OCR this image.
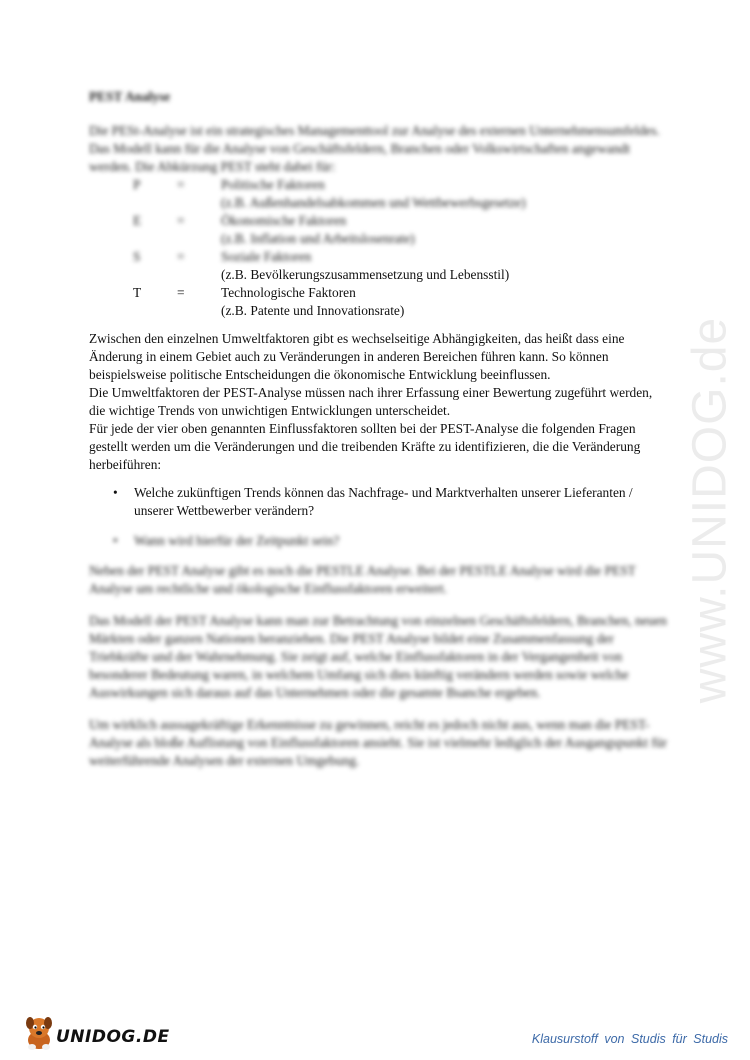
www.UNIDOG.de

PEST Analyse

Die PESt-Analyse ist ein strategisches Managementtool zur Analyse des externen Unternehmensumfeldes. Das Modell kann für die Analyse von Geschäftsfeldern, Branchen oder Volkswirtschaften angewandt werden. Die Abkürzung PEST steht dabei für:

P	=	Politische Faktoren
(z.B. Außenhandelsabkommen und Wettbewerbsgesetze)
E	=	Ökonomische Faktoren
(z.B. Inflation und Arbeitslosenrate)
S	=	Soziale Faktoren
(z.B. Bevölkerungszusammensetzung und Lebensstil)
T	=	Technologische Faktoren
(z.B. Patente und Innovationsrate)

Zwischen den einzelnen Umweltfaktoren gibt es wechselseitige Abhängigkeiten, das heißt dass eine Änderung in einem Gebiet auch zu Veränderungen in anderen Bereichen führen kann. So können beispielsweise politische Entscheidungen die ökonomische Entwicklung beeinflussen.

Die Umweltfaktoren der PEST-Analyse müssen nach ihrer Erfassung einer Bewertung zugeführt werden, die wichtige Trends von unwichtigen Entwicklungen unterscheidet.

Für jede der vier oben genannten Einflussfaktoren sollten bei der PEST-Analyse die folgenden Fragen gestellt werden um die Veränderungen und die treibenden Kräfte zu identifizieren, die die Veränderung herbeiführen:

• Welche zukünftigen Trends können das Nachfrage- und Marktverhalten unserer Lieferanten / unserer Wettbewerber verändern?
• Wann wird hierfür der Zeitpunkt sein?

Neben der PEST Analyse gibt es noch die PESTLE Analyse. Bei der PESTLE Analyse wird die PEST Analyse um rechtliche und ökologische Einflussfaktoren erweitert.

Das Modell der PEST Analyse kann man zur Betrachtung von einzelnen Geschäftsfeldern, Branchen, neuen Märkten oder ganzen Nationen heranziehen. Die PEST Analyse bildet eine Zusammenfassung der Triebkräfte und der Wahrnehmung. Sie zeigt auf, welche Einflussfaktoren in der Vergangenheit von besonderer Bedeutung waren, in welchem Umfang sich dies künftig verändern werden sowie welche Auswirkungen sich daraus auf das Unternehmen oder die gesamte Bsanche ergeben.

Um wirklich aussagekräftige Erkenntnisse zu gewinnen, reicht es jedoch nicht aus, wenn man die PEST-Analyse als bloße Auflistung von Einflussfaktoren ansieht. Sie ist vielmehr lediglich der Ausgangspunkt für weiterführende Analysen der externen Umgebung.

UNIDOG.DE	Klausurstoff von Studis für Studis
